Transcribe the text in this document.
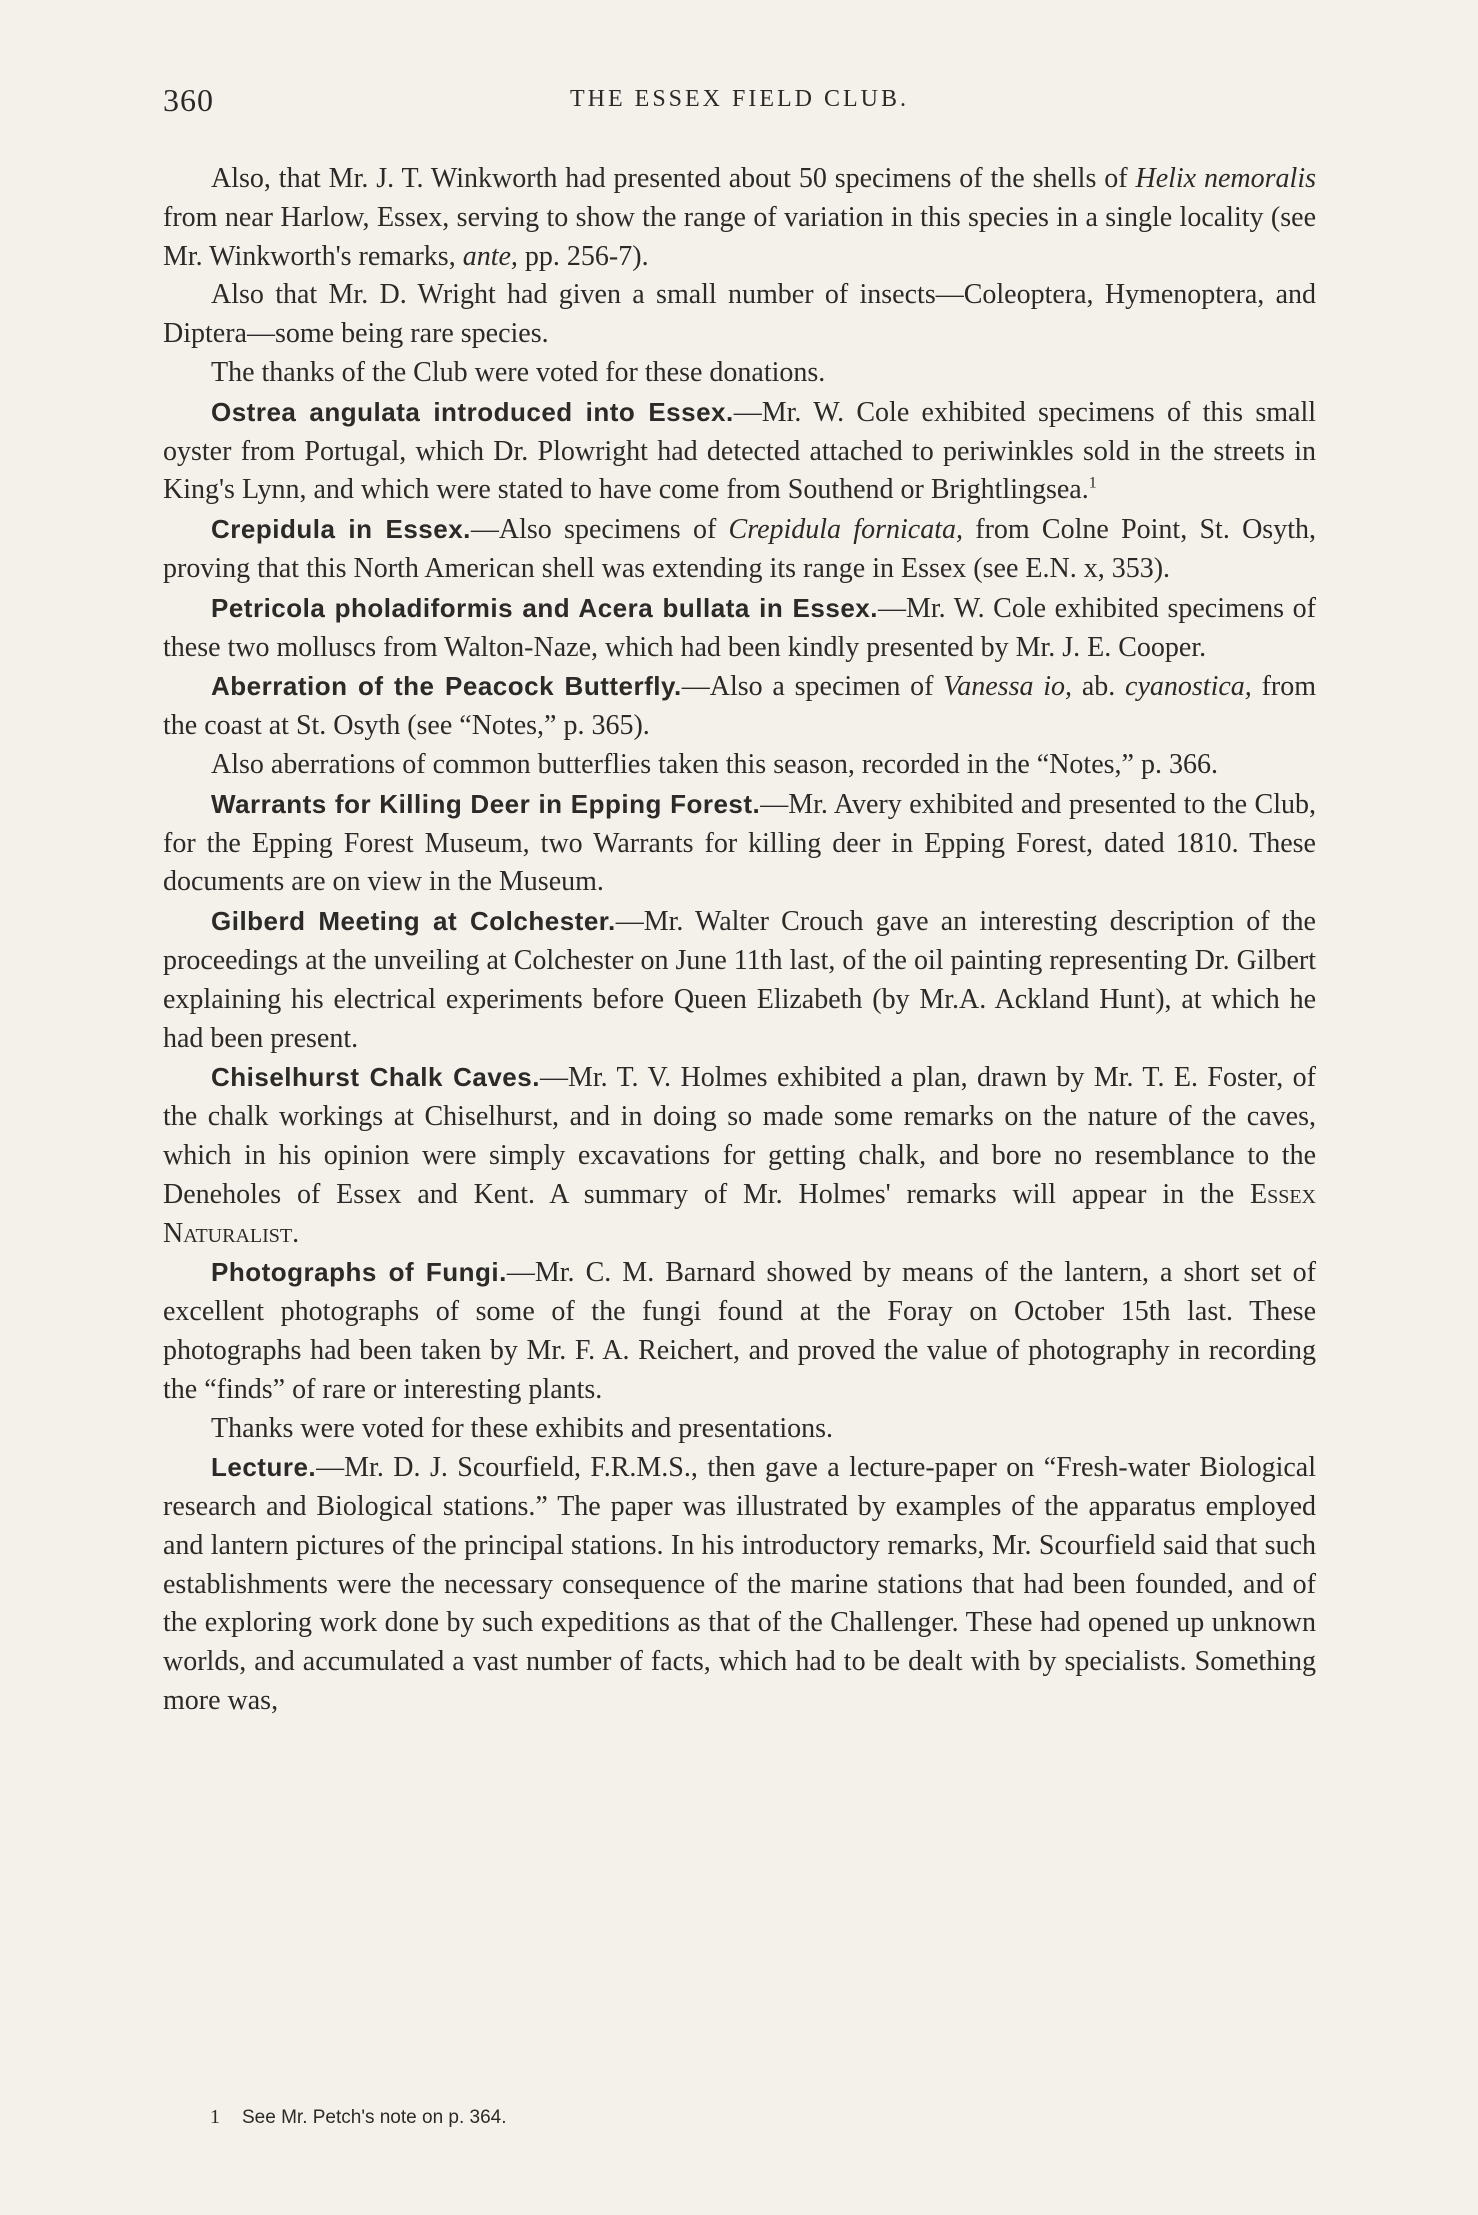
360	THE ESSEX FIELD CLUB.

Also, that Mr. J. T. Winkworth had presented about 50 specimens of the shells of Helix nemoralis from near Harlow, Essex, serving to show the range of variation in this species in a single locality (see Mr. Winkworth's remarks, ante, pp. 256-7).

Also that Mr. D. Wright had given a small number of insects—Coleoptera, Hymenoptera, and Diptera—some being rare species.

The thanks of the Club were voted for these donations.

Ostrea angulata introduced into Essex.—Mr. W. Cole exhibited specimens of this small oyster from Portugal, which Dr. Plowright had detected attached to periwinkles sold in the streets in King's Lynn, and which were stated to have come from Southend or Brightlingsea.$^1$

Crepidula in Essex.—Also specimens of Crepidula fornicata, from Colne Point, St. Osyth, proving that this North American shell was extending its range in Essex (see E.N. x, 353).

Petricola pholadiformis and Acera bullata in Essex.—Mr. W. Cole exhibited specimens of these two molluscs from Walton-Naze, which had been kindly presented by Mr. J. E. Cooper.

Aberration of the Peacock Butterfly.—Also a specimen of Vanessa io, ab. cyanostica, from the coast at St. Osyth (see “Notes,” p. 365).

Also aberrations of common butterflies taken this season, recorded in the “Notes,” p. 366.

Warrants for Killing Deer in Epping Forest.—Mr. Avery exhibited and presented to the Club, for the Epping Forest Museum, two Warrants for killing deer in Epping Forest, dated 1810. These documents are on view in the Museum.

Gilberd Meeting at Colchester.—Mr. Walter Crouch gave an interesting description of the proceedings at the unveiling at Colchester on June 11th last, of the oil painting representing Dr. Gilbert explaining his electrical experiments before Queen Elizabeth (by Mr.A. Ackland Hunt), at which he had been present.

Chiselhurst Chalk Caves.—Mr. T. V. Holmes exhibited a plan, drawn by Mr. T. E. Foster, of the chalk workings at Chiselhurst, and in doing so made some remarks on the nature of the caves, which in his opinion were simply excavations for getting chalk, and bore no resemblance to the Deneholes of Essex and Kent. A summary of Mr. Holmes' remarks will appear in the Essex Naturalist.

Photographs of Fungi.—Mr. C. M. Barnard showed by means of the lantern, a short set of excellent photographs of some of the fungi found at the Foray on October 15th last. These photographs had been taken by Mr. F. A. Reichert, and proved the value of photography in recording the “finds” of rare or interesting plants.

Thanks were voted for these exhibits and presentations.

Lecture.—Mr. D. J. Scourfield, F.R.M.S., then gave a lecture-paper on “Fresh-water Biological research and Biological stations.” The paper was illustrated by examples of the apparatus employed and lantern pictures of the principal stations. In his introductory remarks, Mr. Scourfield said that such establishments were the necessary consequence of the marine stations that had been founded, and of the exploring work done by such expeditions as that of the Challenger. These had opened up unknown worlds, and accumulated a vast number of facts, which had to be dealt with by specialists. Something more was,

1 See Mr. Petch's note on p. 364.
